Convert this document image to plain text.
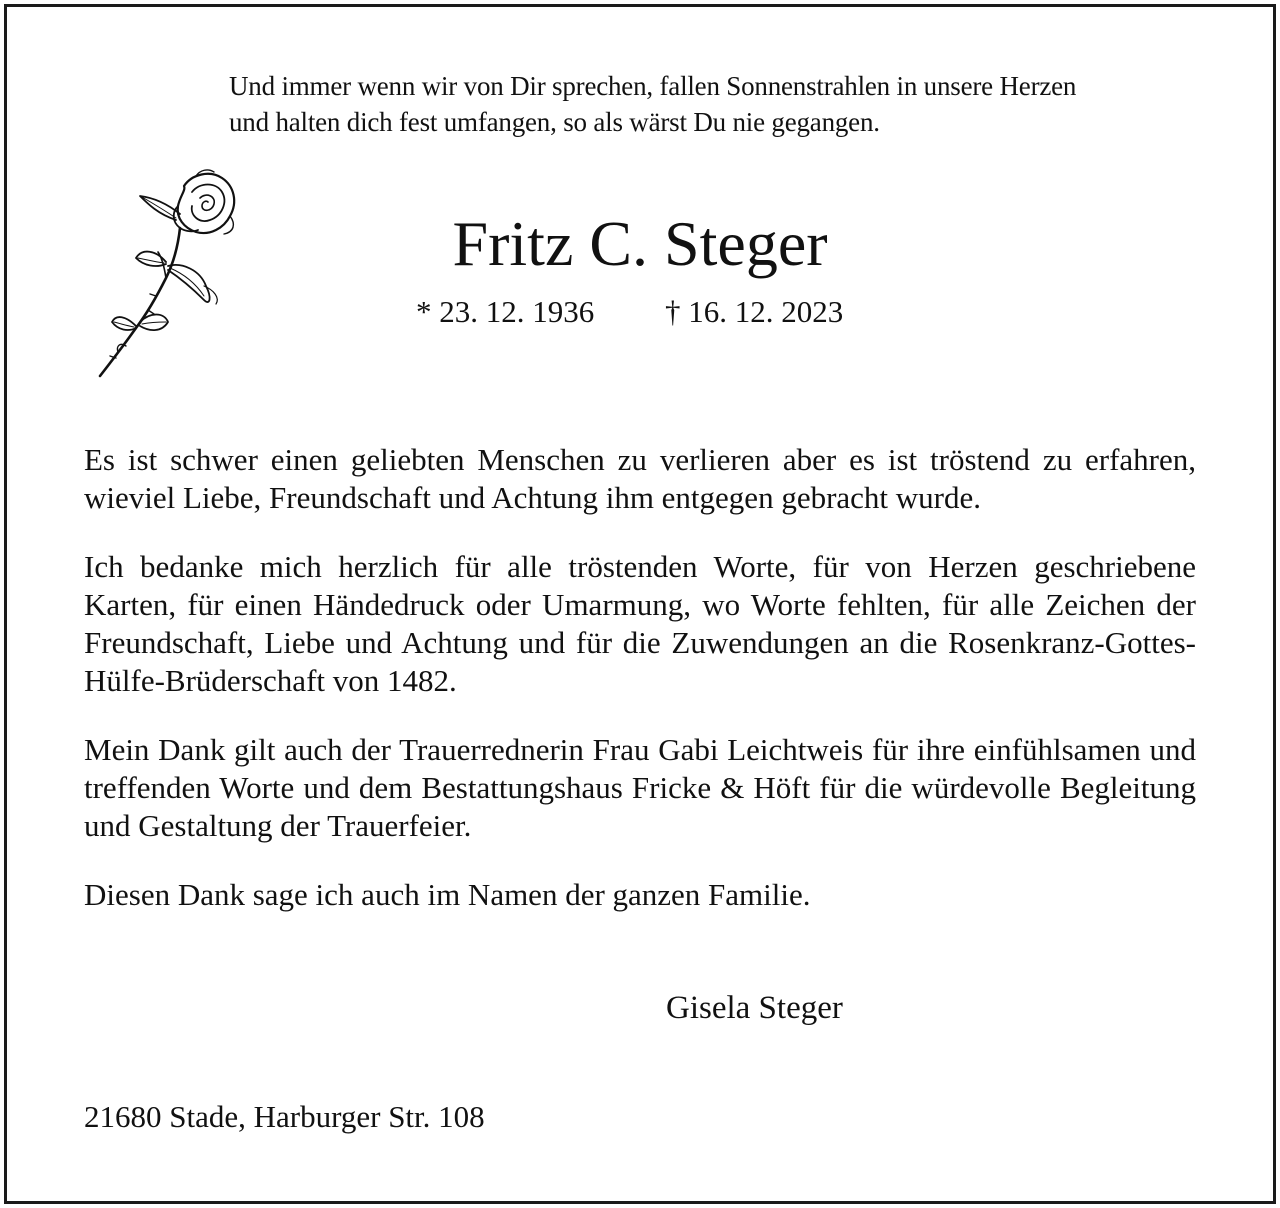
Und immer wenn wir von Dir sprechen, fallen Sonnenstrahlen in unsere Herzen
und halten dich fest umfangen, so als wärst Du nie gegangen.
Fritz C. Steger
* 23. 12. 1936 † 16. 12. 2023

Es ist schwer einen geliebten Menschen zu verlieren aber es ist tröstend zu erfahren, wieviel Liebe, Freundschaft und Achtung ihm entgegen gebracht wurde.

Ich bedanke mich herzlich für alle tröstenden Worte, für von Herzen geschriebene Karten, für einen Händedruck oder Umarmung, wo Worte fehlten, für alle Zeichen der Freundschaft, Liebe und Achtung und für die Zuwendungen an die Rosenkranz-Gottes-Hülfe-Brüderschaft von 1482.

Mein Dank gilt auch der Trauerrednerin Frau Gabi Leichtweis für ihre einfühlsamen und treffenden Worte und dem Bestattungshaus Fricke & Höft für die würdevolle Begleitung und Gestaltung der Trauerfeier.

Diesen Dank sage ich auch im Namen der ganzen Familie.

Gisela Steger
21680 Stade, Harburger Str. 108
